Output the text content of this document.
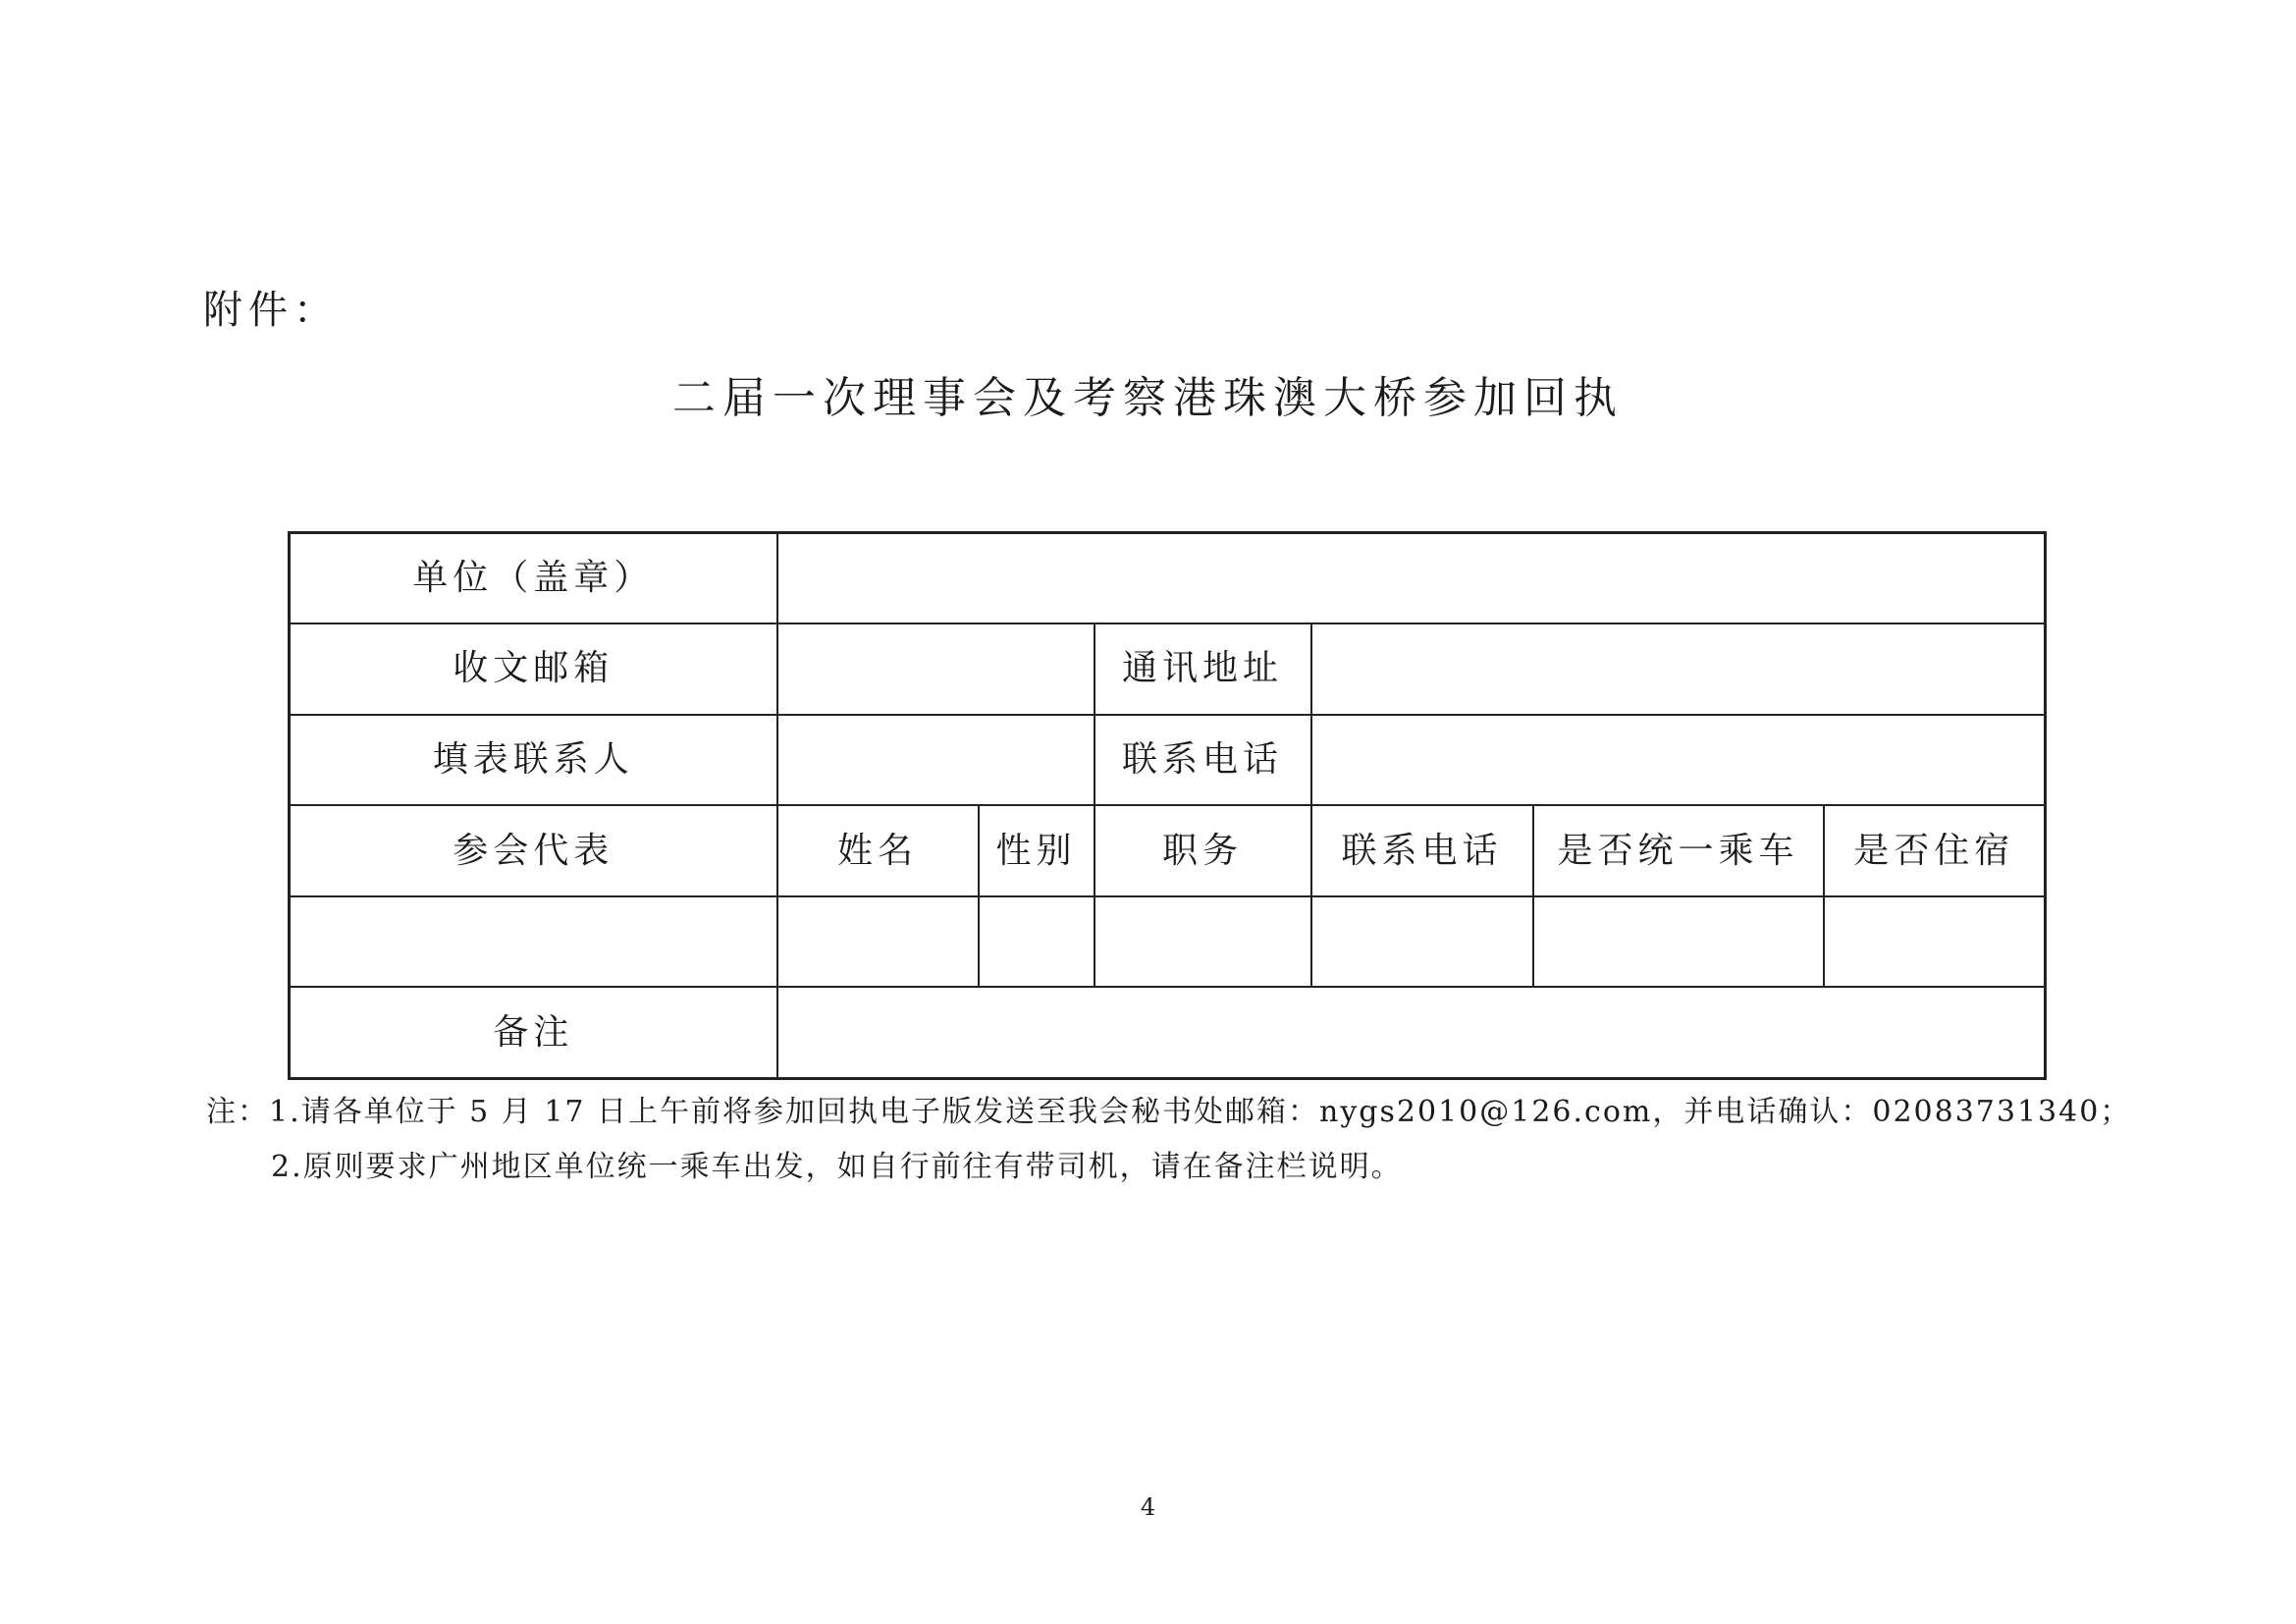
附件：
二届一次理事会及考察港珠澳大桥参加回执
单位（盖章）						
收文邮箱			通讯地址			
填表联系人			联系电话			
参会代表	姓名	性别	职务	联系电话	是否统一乘车	是否住宿

备注						
注：1.请各单位于 5 月 17 日上午前将参加回执电子版发送至我会秘书处邮箱：nygs2010@126.com，并电话确认：02083731340；
2.原则要求广州地区单位统一乘车出发，如自行前往有带司机，请在备注栏说明。
4
